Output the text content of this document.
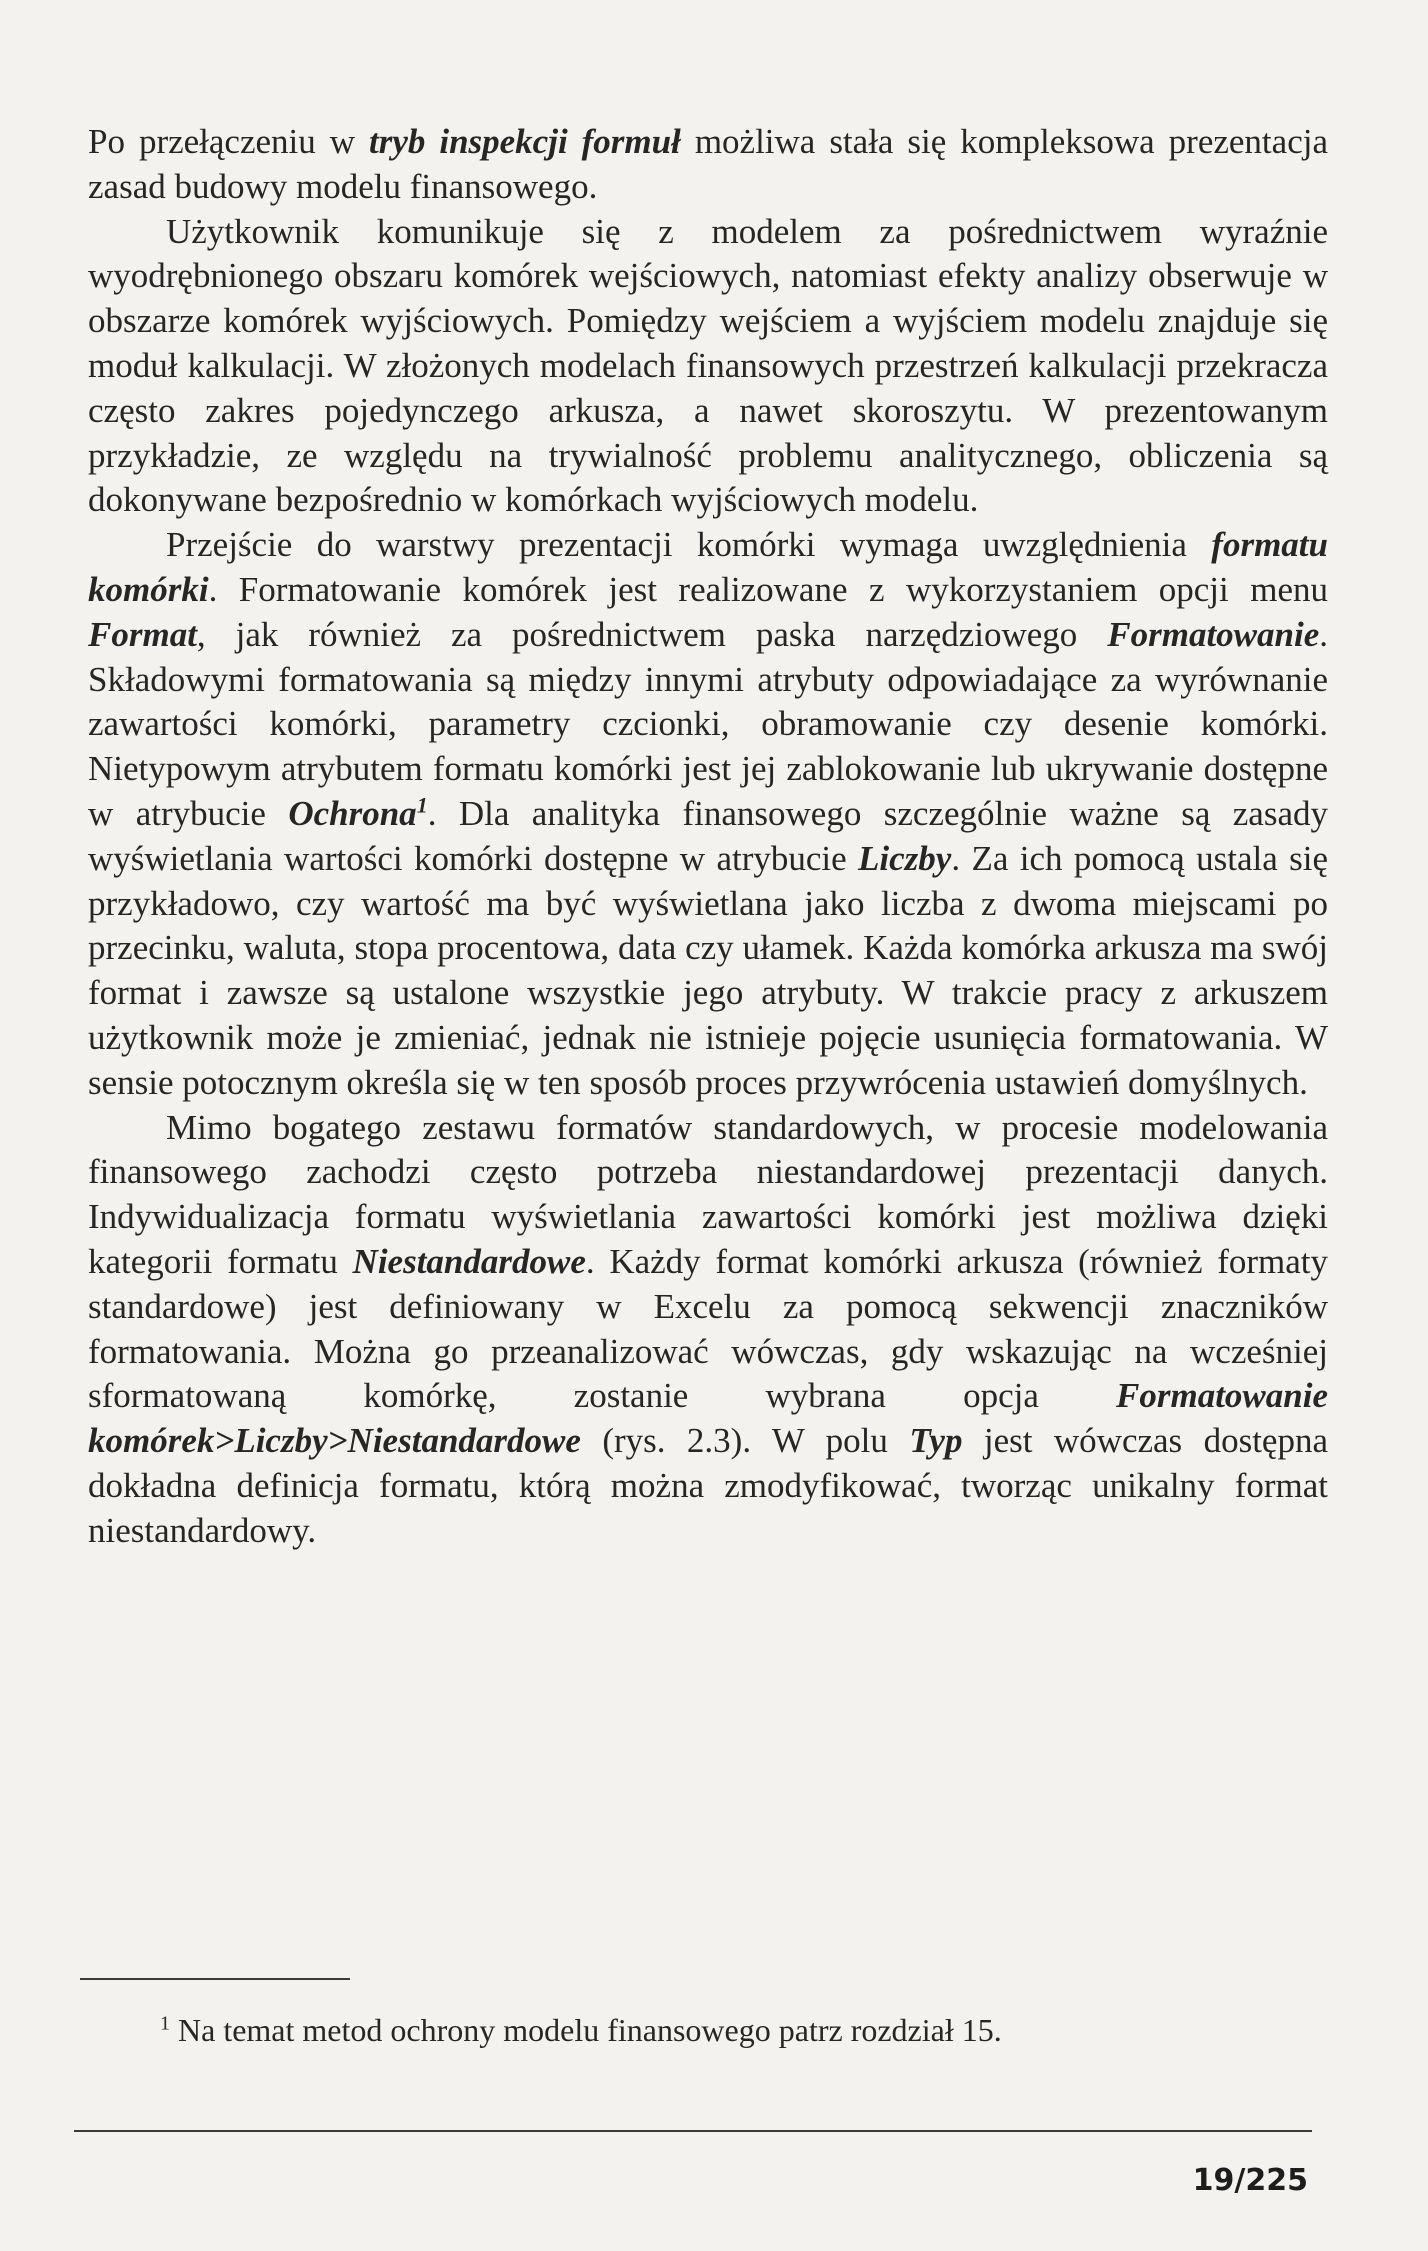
Po przełączeniu w tryb inspekcji formuł możliwa stała się kompleksowa prezentacja zasad budowy modelu finansowego.

Użytkownik komunikuje się z modelem za pośrednictwem wyraźnie wyodrębnionego obszaru komórek wejściowych, natomiast efekty analizy obserwuje w obszarze komórek wyjściowych. Pomiędzy wejściem a wyjściem modelu znajduje się moduł kalkulacji. W złożonych modelach finansowych przestrzeń kalkulacji przekracza często zakres pojedynczego arkusza, a nawet skoroszytu. W prezentowanym przykładzie, ze względu na trywialność problemu analitycznego, obliczenia są dokonywane bezpośrednio w komórkach wyjściowych modelu.

Przejście do warstwy prezentacji komórki wymaga uwzględnienia formatu komórki. Formatowanie komórek jest realizowane z wykorzystaniem opcji menu Format, jak również za pośrednictwem paska narzędziowego Formatowanie. Składowymi formatowania są między innymi atrybuty odpowiadające za wyrównanie zawartości komórki, parametry czcionki, obramowanie czy desenie komórki. Nietypowym atrybutem formatu komórki jest jej zablokowanie lub ukrywanie dostępne w atrybucie Ochrona$^1$. Dla analityka finansowego szczególnie ważne są zasady wyświetlania wartości komórki dostępne w atrybucie Liczby. Za ich pomocą ustala się przykładowo, czy wartość ma być wyświetlana jako liczba z dwoma miejscami po przecinku, waluta, stopa procentowa, data czy ułamek. Każda komórka arkusza ma swój format i zawsze są ustalone wszystkie jego atrybuty. W trakcie pracy z arkuszem użytkownik może je zmieniać, jednak nie istnieje pojęcie usunięcia formatowania. W sensie potocznym określa się w ten sposób proces przywrócenia ustawień domyślnych.

Mimo bogatego zestawu formatów standardowych, w procesie modelowania finansowego zachodzi często potrzeba niestandardowej prezentacji danych. Indywidualizacja formatu wyświetlania zawartości komórki jest możliwa dzięki kategorii formatu Niestandardowe. Każdy format komórki arkusza (również formaty standardowe) jest definiowany w Excelu za pomocą sekwencji znaczników formatowania. Można go przeanalizować wówczas, gdy wskazując na wcześniej sformatowaną komórkę, zostanie wybrana opcja Formatowanie komórek>Liczby>Niestandardowe (rys. 2.3). W polu Typ jest wówczas dostępna dokładna definicja formatu, którą można zmodyfikować, tworząc unikalny format niestandardowy.

$^1$ Na temat metod ochrony modelu finansowego patrz rozdział 15.
19/225
